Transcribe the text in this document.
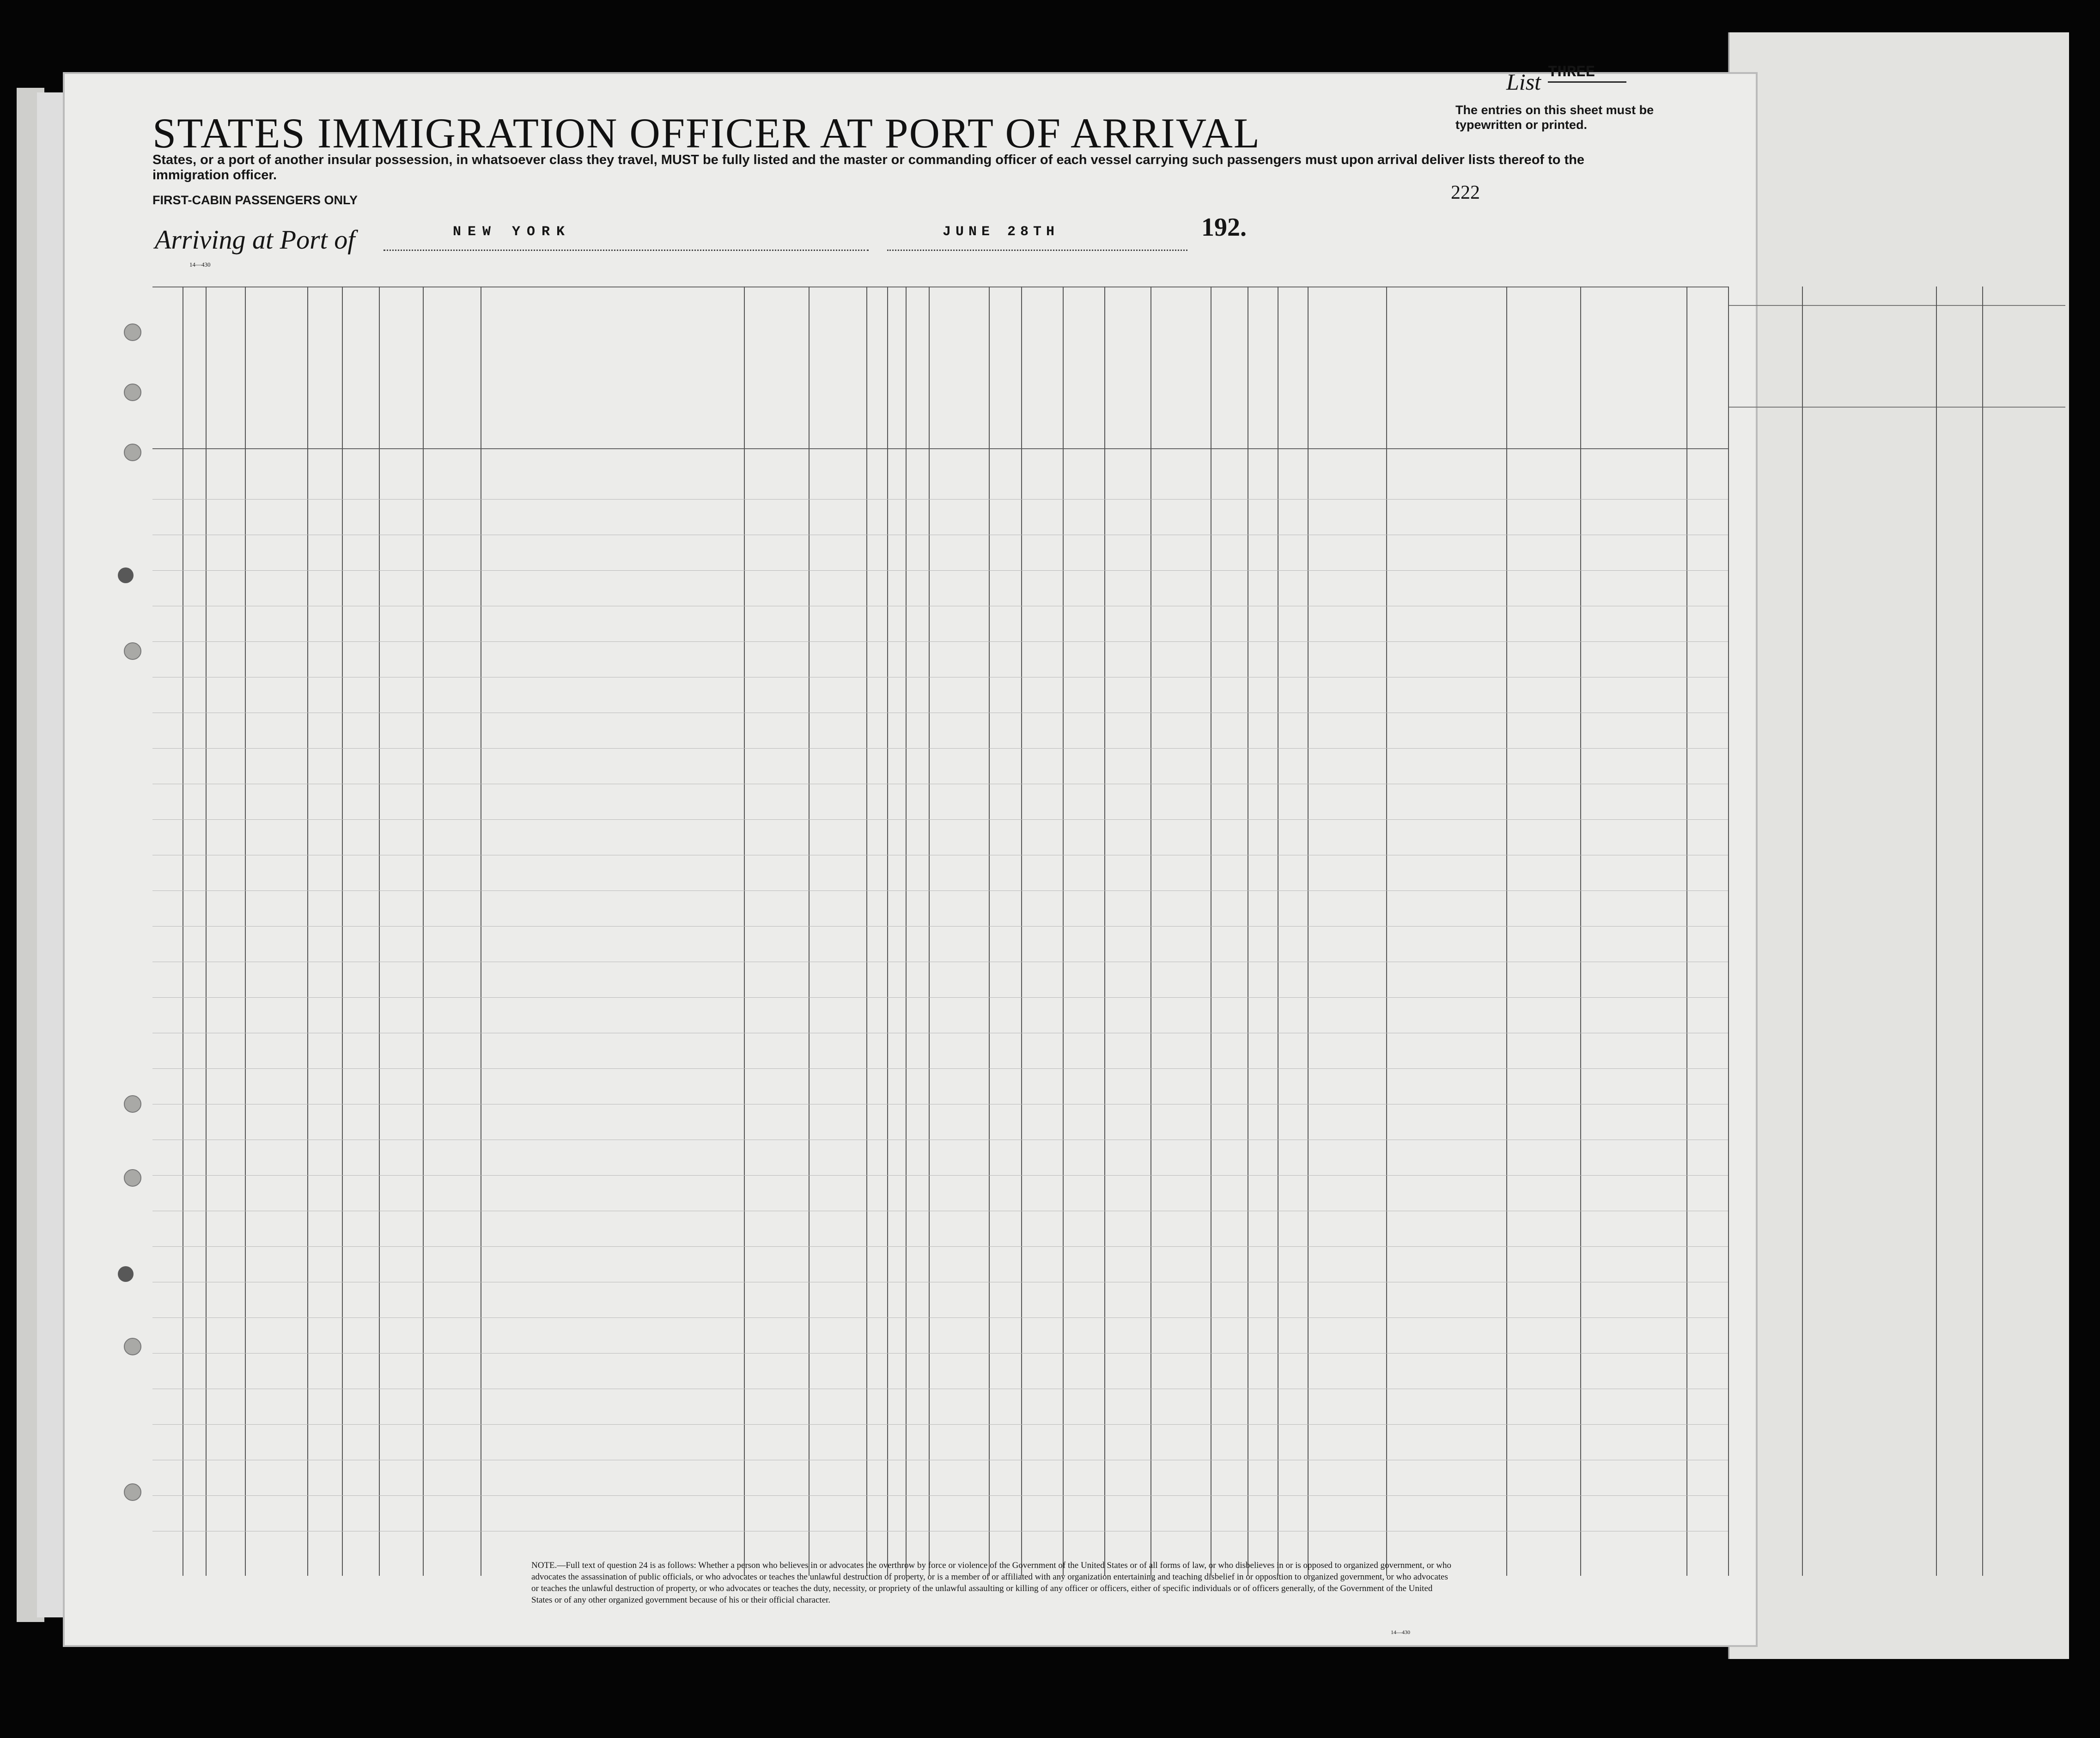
STATES IMMIGRATION OFFICER AT PORT OF ARRIVAL
List THREE
The entries on this sheet must be typewritten or printed.
States, or a port of another insular possession, in whatsoever class they travel, MUST be fully listed and the master or commanding officer of each vessel carrying such passengers must upon arrival deliver lists thereof to the immigration officer.
FIRST-CABIN PASSENGERS ONLY	222
Arriving at Port of	NEW YORK	JUNE 28TH	192.
14—430
NOTE.—Full text of question 24 is as follows: Whether a person who believes in or advocates the overthrow by force or violence of the Government of the United States or of all forms of law, or who disbelieves in or is opposed to organized government, or who advocates the assassination of public officials, or who advocates or teaches the unlawful destruction of property, or is a member of or affiliated with any organization entertaining and teaching disbelief in or opposition to organized government, or who advocates or teaches the unlawful destruction of property, or who advocates or teaches the duty, necessity, or propriety of the unlawful assaulting or killing of any officer or officers, either of specific individuals or of officers generally, of the Government of the United States or of any other organized government because of his or their official character.
14—430
